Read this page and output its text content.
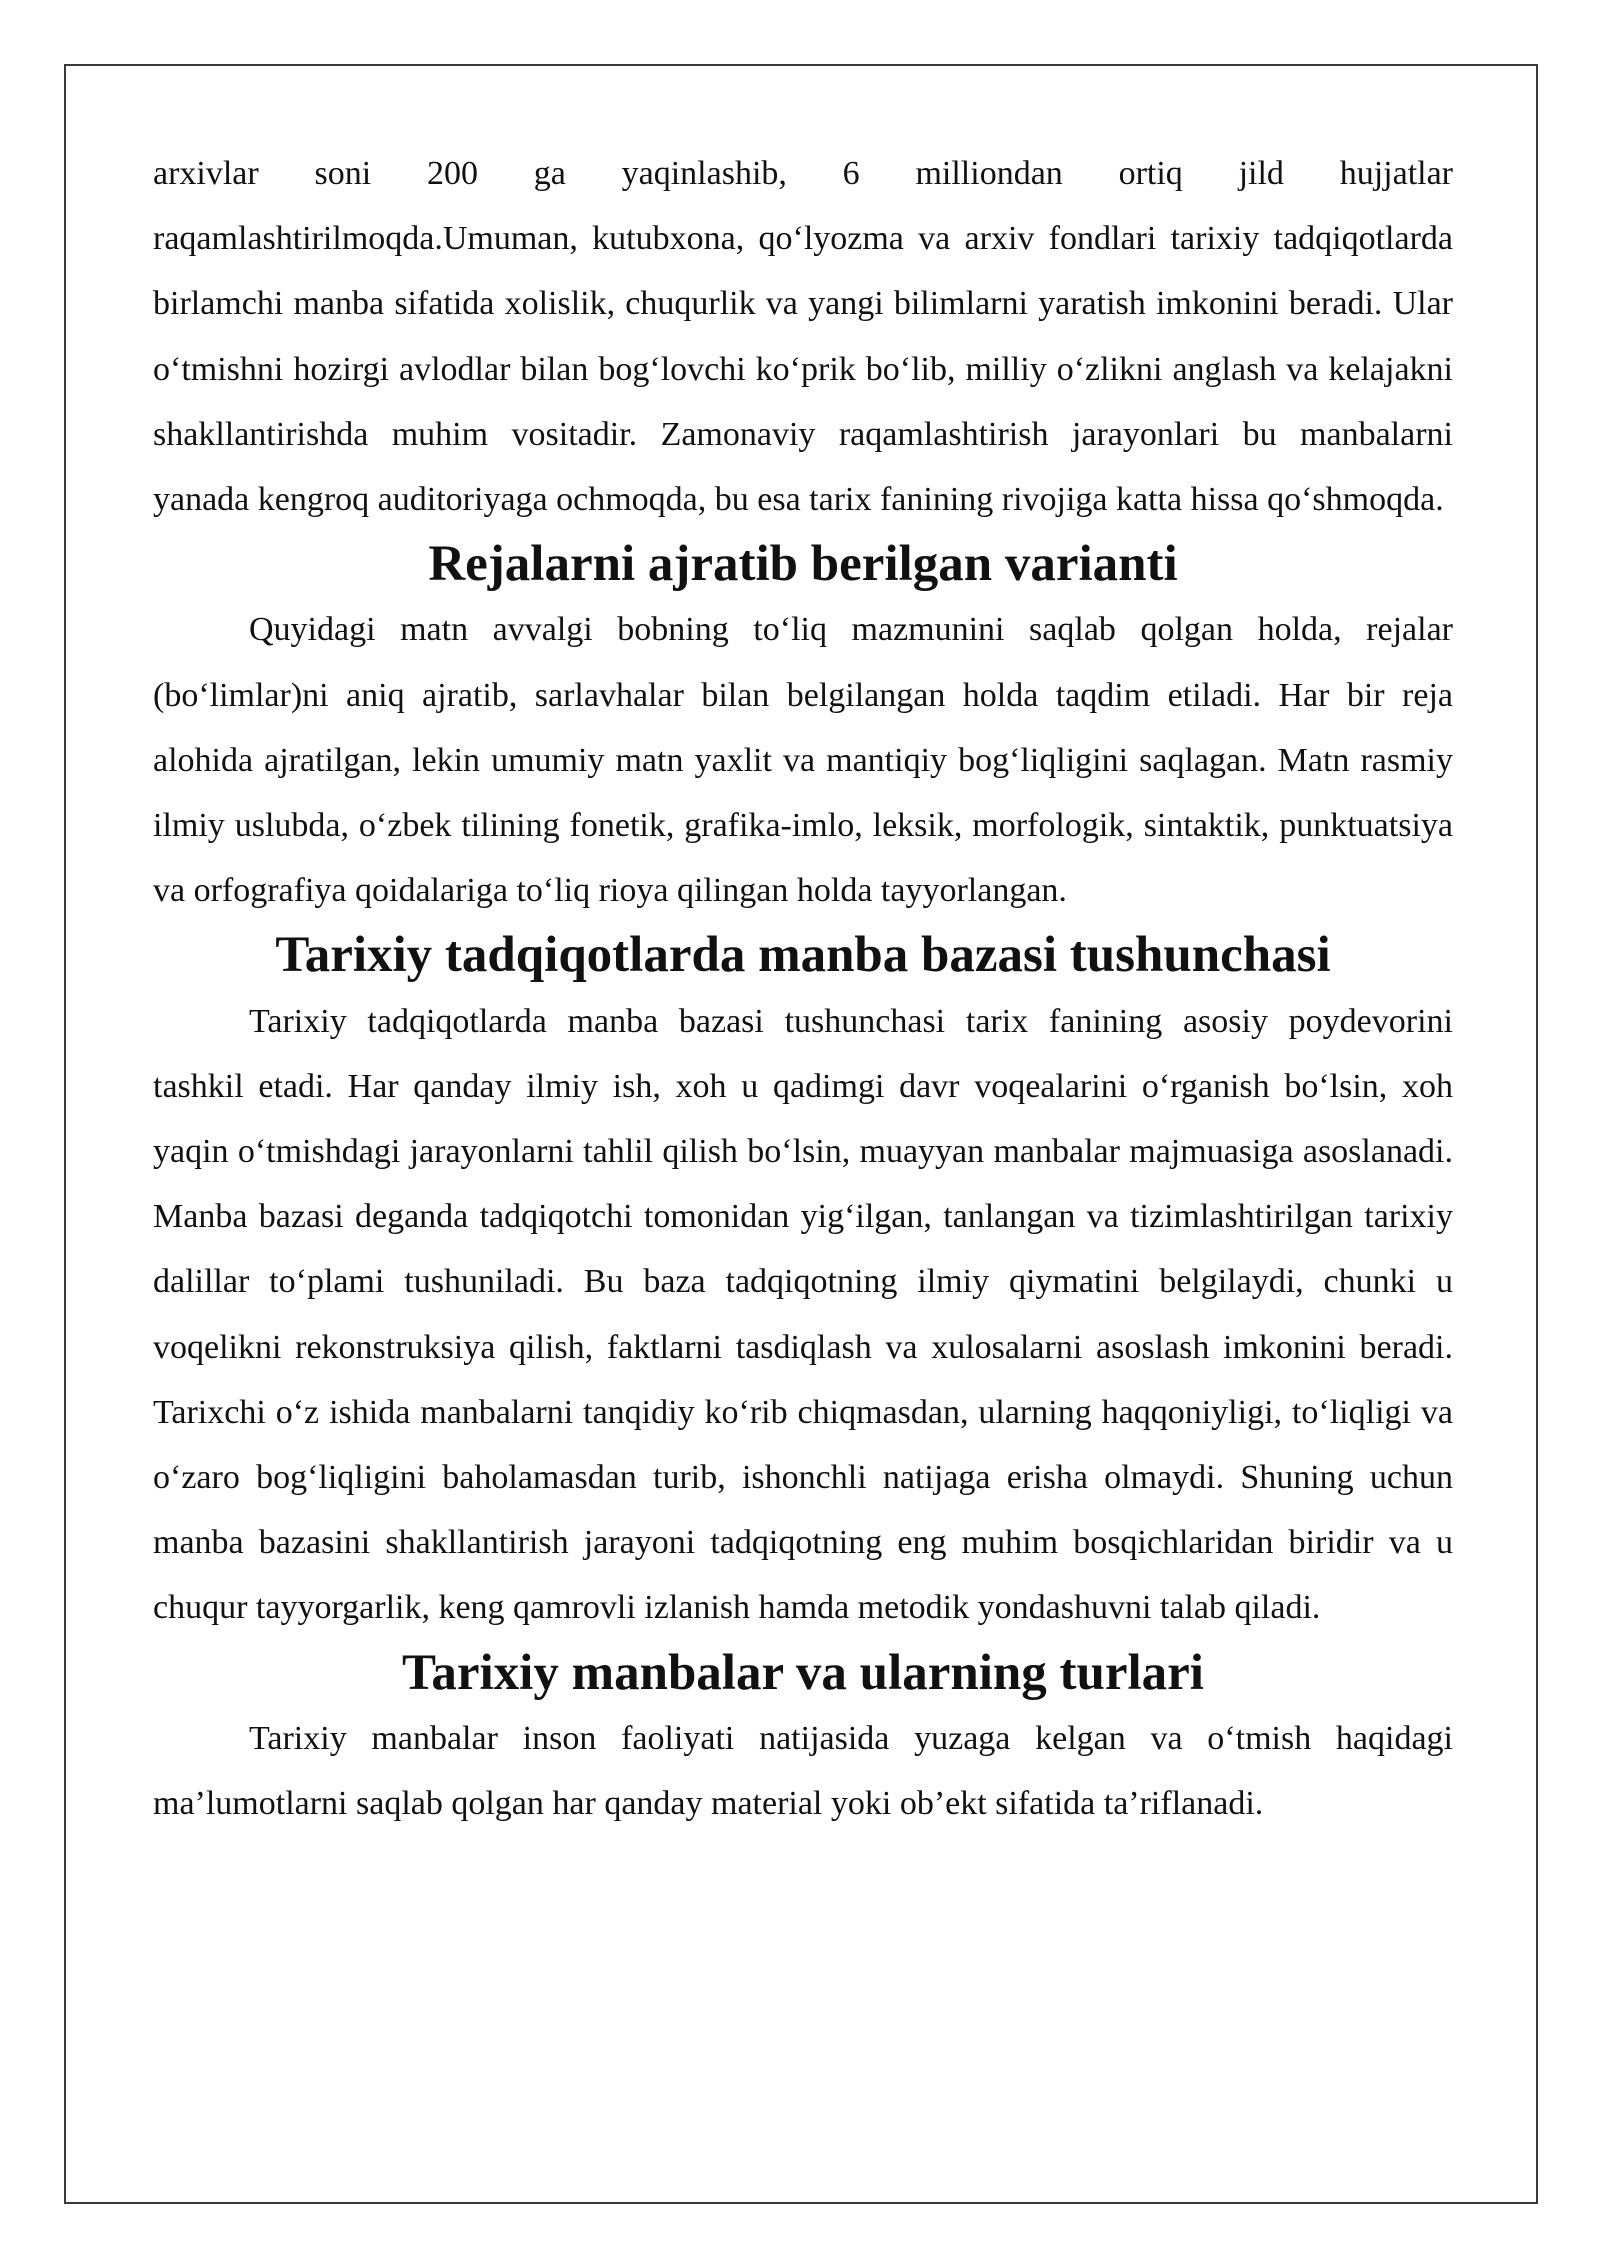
arxivlar soni 200 ga yaqinlashib, 6 milliondan ortiq jild hujjatlar raqamlashtirilmoqda.Umuman, kutubxona, qo‘lyozma va arxiv fondlari tarixiy tadqiqotlarda birlamchi manba sifatida xolislik, chuqurlik va yangi bilimlarni yaratish imkonini beradi. Ular o‘tmishni hozirgi avlodlar bilan bog‘lovchi ko‘prik bo‘lib, milliy o‘zlikni anglash va kelajakni shakllantirishda muhim vositadir. Zamonaviy raqamlashtirish jarayonlari bu manbalarni yanada kengroq auditoriyaga ochmoqda, bu esa tarix fanining rivojiga katta hissa qo‘shmoqda.

Rejalarni ajratib berilgan varianti

Quyidagi matn avvalgi bobning to‘liq mazmunini saqlab qolgan holda, rejalar (bo‘limlar)ni aniq ajratib, sarlavhalar bilan belgilangan holda taqdim etiladi. Har bir reja alohida ajratilgan, lekin umumiy matn yaxlit va mantiqiy bog‘liqligini saqlagan. Matn rasmiy ilmiy uslubda, o‘zbek tilining fonetik, grafika-imlo, leksik, morfologik, sintaktik, punktuatsiya va orfografiya qoidalariga to‘liq rioya qilingan holda tayyorlangan.

Tarixiy tadqiqotlarda manba bazasi tushunchasi

Tarixiy tadqiqotlarda manba bazasi tushunchasi tarix fanining asosiy poydevorini tashkil etadi. Har qanday ilmiy ish, xoh u qadimgi davr voqealarini o‘rganish bo‘lsin, xoh yaqin o‘tmishdagi jarayonlarni tahlil qilish bo‘lsin, muayyan manbalar majmuasiga asoslanadi. Manba bazasi deganda tadqiqotchi tomonidan yig‘ilgan, tanlangan va tizimlashtirilgan tarixiy dalillar to‘plami tushuniladi. Bu baza tadqiqotning ilmiy qiymatini belgilaydi, chunki u voqelikni rekonstruksiya qilish, faktlarni tasdiqlash va xulosalarni asoslash imkonini beradi. Tarixchi o‘z ishida manbalarni tanqidiy ko‘rib chiqmasdan, ularning haqqoniyligi, to‘liqligi va o‘zaro bog‘liqligini baholamasdan turib, ishonchli natijaga erisha olmaydi. Shuning uchun manba bazasini shakllantirish jarayoni tadqiqotning eng muhim bosqichlaridan biridir va u chuqur tayyorgarlik, keng qamrovli izlanish hamda metodik yondashuvni talab qiladi.

Tarixiy manbalar va ularning turlari

Tarixiy manbalar inson faoliyati natijasida yuzaga kelgan va o‘tmish haqidagi ma’lumotlarni saqlab qolgan har qanday material yoki ob’ekt sifatida ta’riflanadi.
